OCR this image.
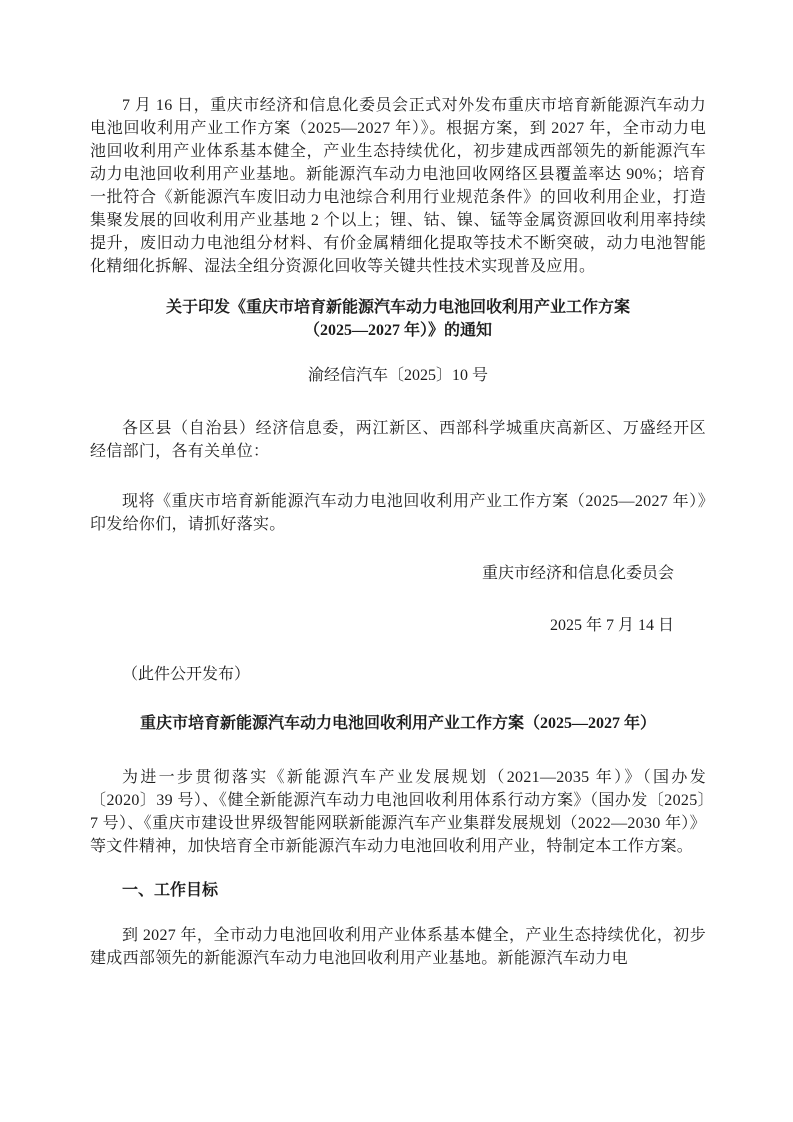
7 月 16 日，重庆市经济和信息化委员会正式对外发布重庆市培育新能源汽车动力电池回收利用产业工作方案（2025—2027 年）》。根据方案，到 2027 年，全市动力电池回收利用产业体系基本健全，产业生态持续优化，初步建成西部领先的新能源汽车动力电池回收利用产业基地。新能源汽车动力电池回收网络区县覆盖率达 90%；培育一批符合《新能源汽车废旧动力电池综合利用行业规范条件》的回收利用企业，打造集聚发展的回收利用产业基地 2 个以上；锂、钴、镍、锰等金属资源回收利用率持续提升，废旧动力电池组分材料、有价金属精细化提取等技术不断突破，动力电池智能化精细化拆解、湿法全组分资源化回收等关键共性技术实现普及应用。

关于印发《重庆市培育新能源汽车动力电池回收利用产业工作方案
（2025—2027 年）》的通知

渝经信汽车〔2025〕10 号

各区县（自治县）经济信息委，两江新区、西部科学城重庆高新区、万盛经开区经信部门，各有关单位：

现将《重庆市培育新能源汽车动力电池回收利用产业工作方案（2025—2027 年）》印发给你们，请抓好落实。

重庆市经济和信息化委员会

2025 年 7 月 14 日

（此件公开发布）

重庆市培育新能源汽车动力电池回收利用产业工作方案（2025—2027 年）

为进一步贯彻落实《新能源汽车产业发展规划（2021—2035 年）》（国办发〔2020〕39 号）、《健全新能源汽车动力电池回收利用体系行动方案》（国办发〔2025〕7 号）、《重庆市建设世界级智能网联新能源汽车产业集群发展规划（2022—2030 年）》等文件精神，加快培育全市新能源汽车动力电池回收利用产业，特制定本工作方案。

一、工作目标

到 2027 年，全市动力电池回收利用产业体系基本健全，产业生态持续优化，初步建成西部领先的新能源汽车动力电池回收利用产业基地。新能源汽车动力电
